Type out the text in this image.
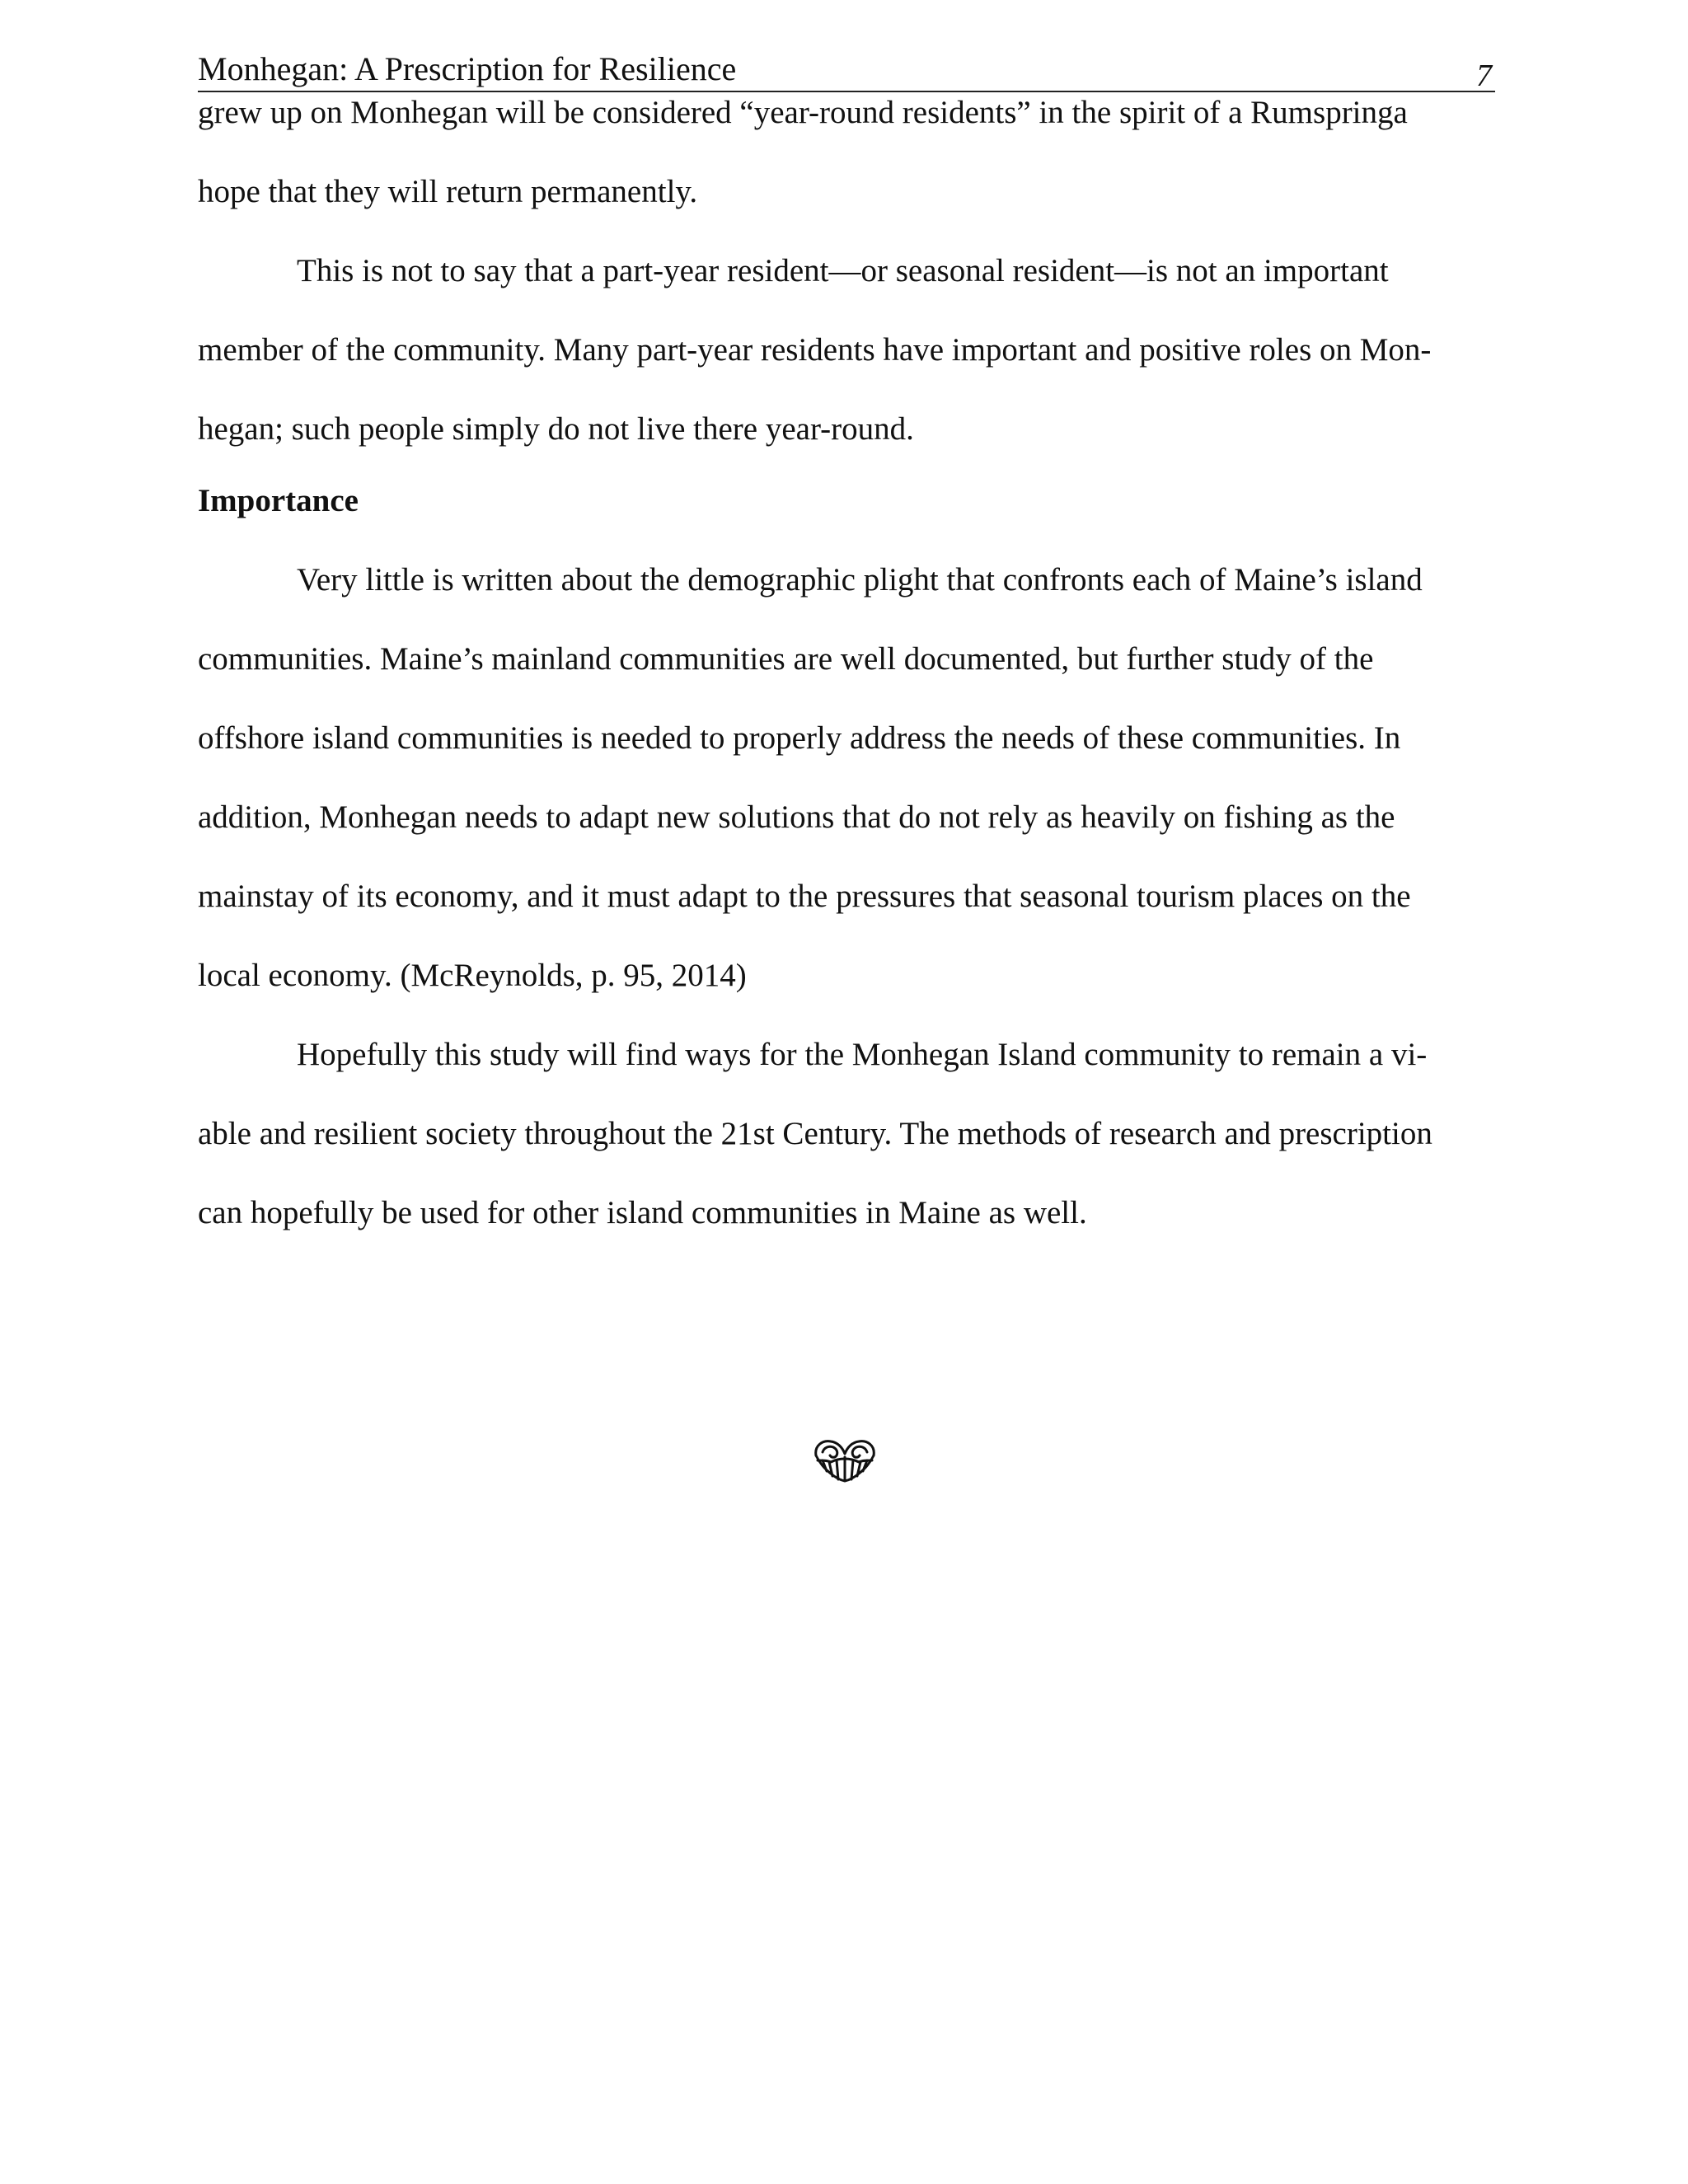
Monhegan: A Prescription for Resilience	7
grew up on Monhegan will be considered “year-round residents” in the spirit of a Rumspringa
hope that they will return permanently.
This is not to say that a part-year resident—or seasonal resident—is not an important
member of the community. Many part-year residents have important and positive roles on Mon-
hegan; such people simply do not live there year-round.
Importance
Very little is written about the demographic plight that confronts each of Maine’s island
communities. Maine’s mainland communities are well documented, but further study of the
offshore island communities is needed to properly address the needs of these communities. In
addition, Monhegan needs to adapt new solutions that do not rely as heavily on fishing as the
mainstay of its economy, and it must adapt to the pressures that seasonal tourism places on the
local economy. (McReynolds, p. 95, 2014)
Hopefully this study will find ways for the Monhegan Island community to remain a vi-
able and resilient society throughout the 21st Century. The methods of research and prescription
can hopefully be used for other island communities in Maine as well.
